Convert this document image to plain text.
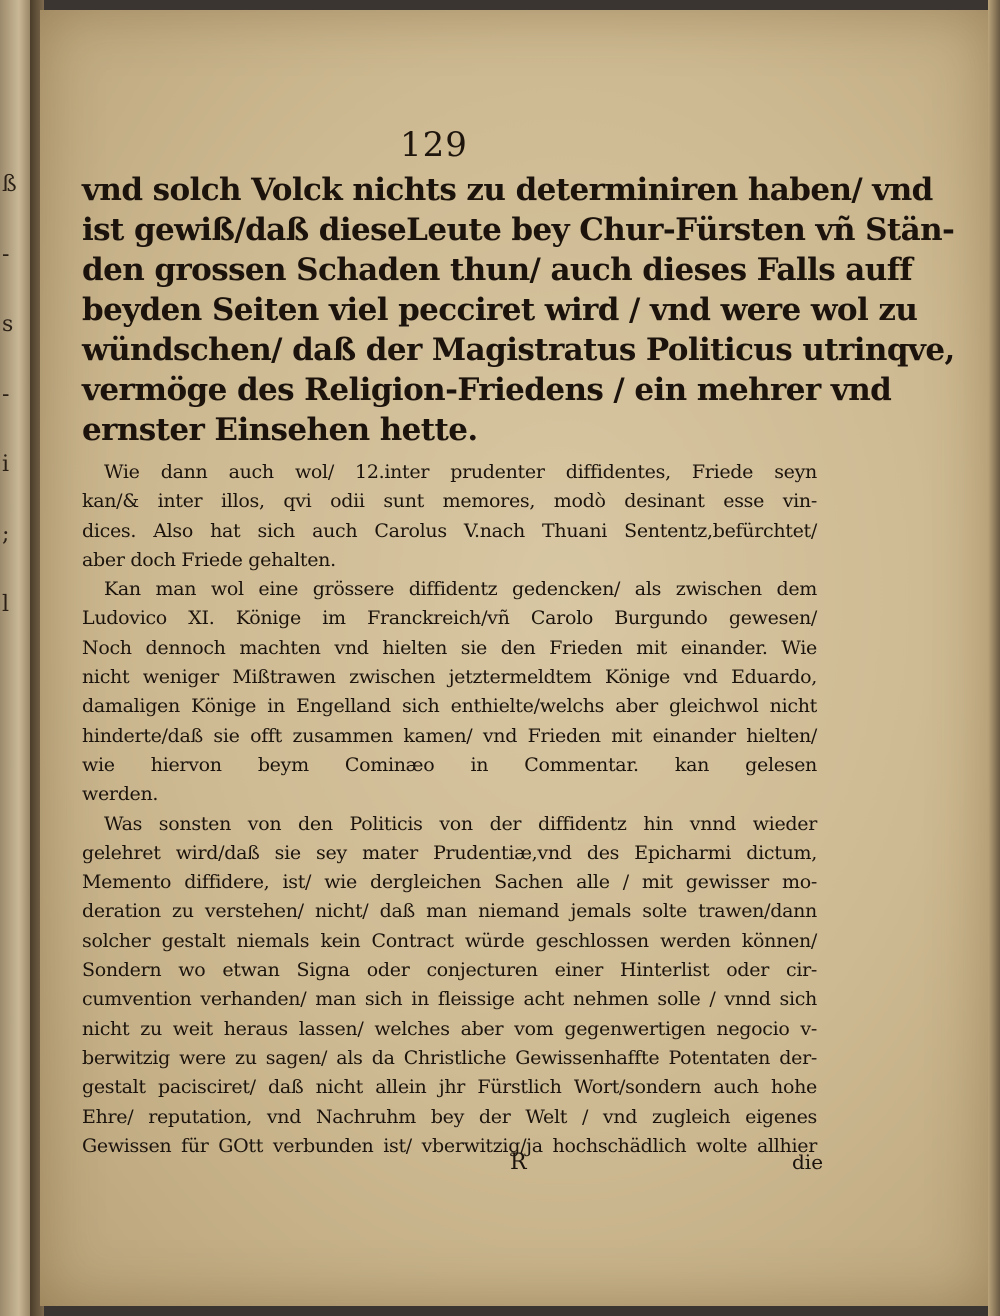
ß
-
s
-
i
;
l
129
vnd solch Volck nichts zu determiniren haben/ vnd
ist gewiß/daß dieseLeute bey Chur-Fürsten vñ Stän-
den grossen Schaden thun/ auch dieses Falls auff
beyden Seiten viel pecciret wird / vnd were wol zu
wündschen/ daß der Magistratus Politicus utrinqve,
vermöge des Religion-Friedens / ein mehrer vnd
ernster Einsehen hette.
Wie dann auch wol/ 12.inter prudenter diffidentes, Friede seyn
kan/& inter illos, qvi odii sunt memores, modò desinant esse vin-
dices. Also hat sich auch Carolus V.nach Thuani Sententz,befürchtet/
aber doch Friede gehalten.
Kan man wol eine grössere diffidentz gedencken/ als zwischen dem
Ludovico XI. Könige im Franckreich/vñ Carolo Burgundo gewesen/
Noch dennoch machten vnd hielten sie den Frieden mit einander. Wie
nicht weniger Mißtrawen zwischen jetztermeldtem Könige vnd Eduardo,
damaligen Könige in Engelland sich enthielte/welchs aber gleichwol nicht
hinderte/daß sie offt zusammen kamen/ vnd Frieden mit einander hielten/
wie hiervon beym Cominæo in Commentar. kan gelesen
werden.
Was sonsten von den Politicis von der diffidentz hin vnnd wieder
gelehret wird/daß sie sey mater Prudentiæ,vnd des Epicharmi dictum,
Memento diffidere, ist/ wie dergleichen Sachen alle / mit gewisser mo-
deration zu verstehen/ nicht/ daß man niemand jemals solte trawen/dann
solcher gestalt niemals kein Contract würde geschlossen werden können/
Sondern wo etwan Signa oder conjecturen einer Hinterlist oder cir-
cumvention verhanden/ man sich in fleissige acht nehmen solle / vnnd sich
nicht zu weit heraus lassen/ welches aber vom gegenwertigen negocio v-
berwitzig were zu sagen/ als da Christliche Gewissenhaffte Potentaten der-
gestalt pacisciret/ daß nicht allein jhr Fürstlich Wort/sondern auch hohe
Ehre/ reputation, vnd Nachruhm bey der Welt / vnd zugleich eigenes
Gewissen für GOtt verbunden ist/ vberwitzig/ja hochschädlich wolte allhier
R	die
